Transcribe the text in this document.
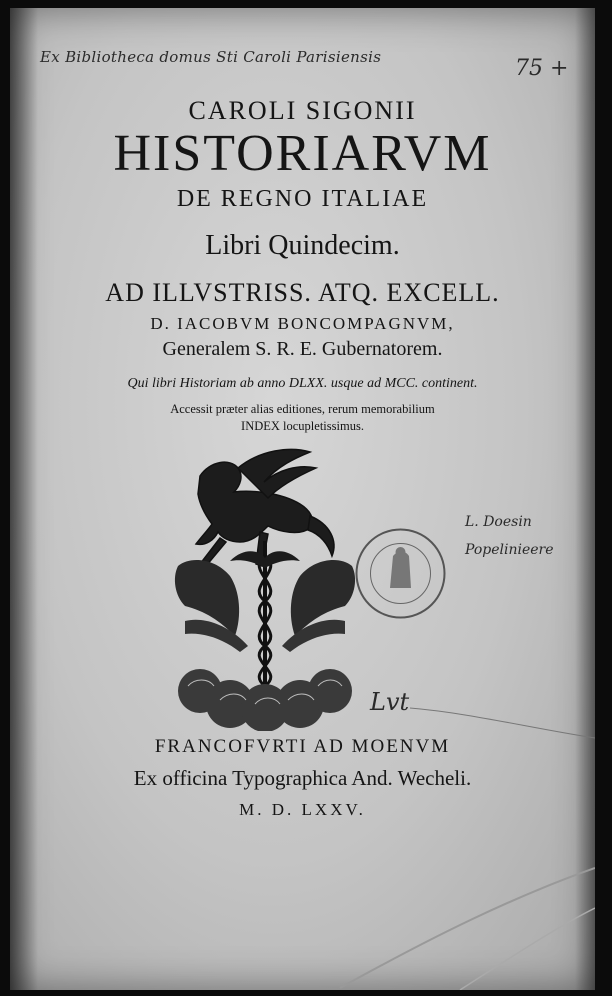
Ex Bibliotheca domus Sti Caroli Parisiensis	75 +
CAROLI SIGONII
HISTORIARVM
DE REGNO ITALIAE
Libri Quindecim.
AD ILLVSTRISS. ATQ. EXCELL.
D. IACOBVM BONCOMPAGNVM,
Generalem S. R. E. Gubernatorem.
Qui libri Historiam ab anno DLXX. usque ad MCC. continent.
Accessit præter alias editiones, rerum memorabilium
INDEX locupletissimus.
L. Doesin
Popelinieere
Lvt
FRANCOFVRTI AD MOENVM
Ex officina Typographica And. Wecheli.
M. D. LXXV.
